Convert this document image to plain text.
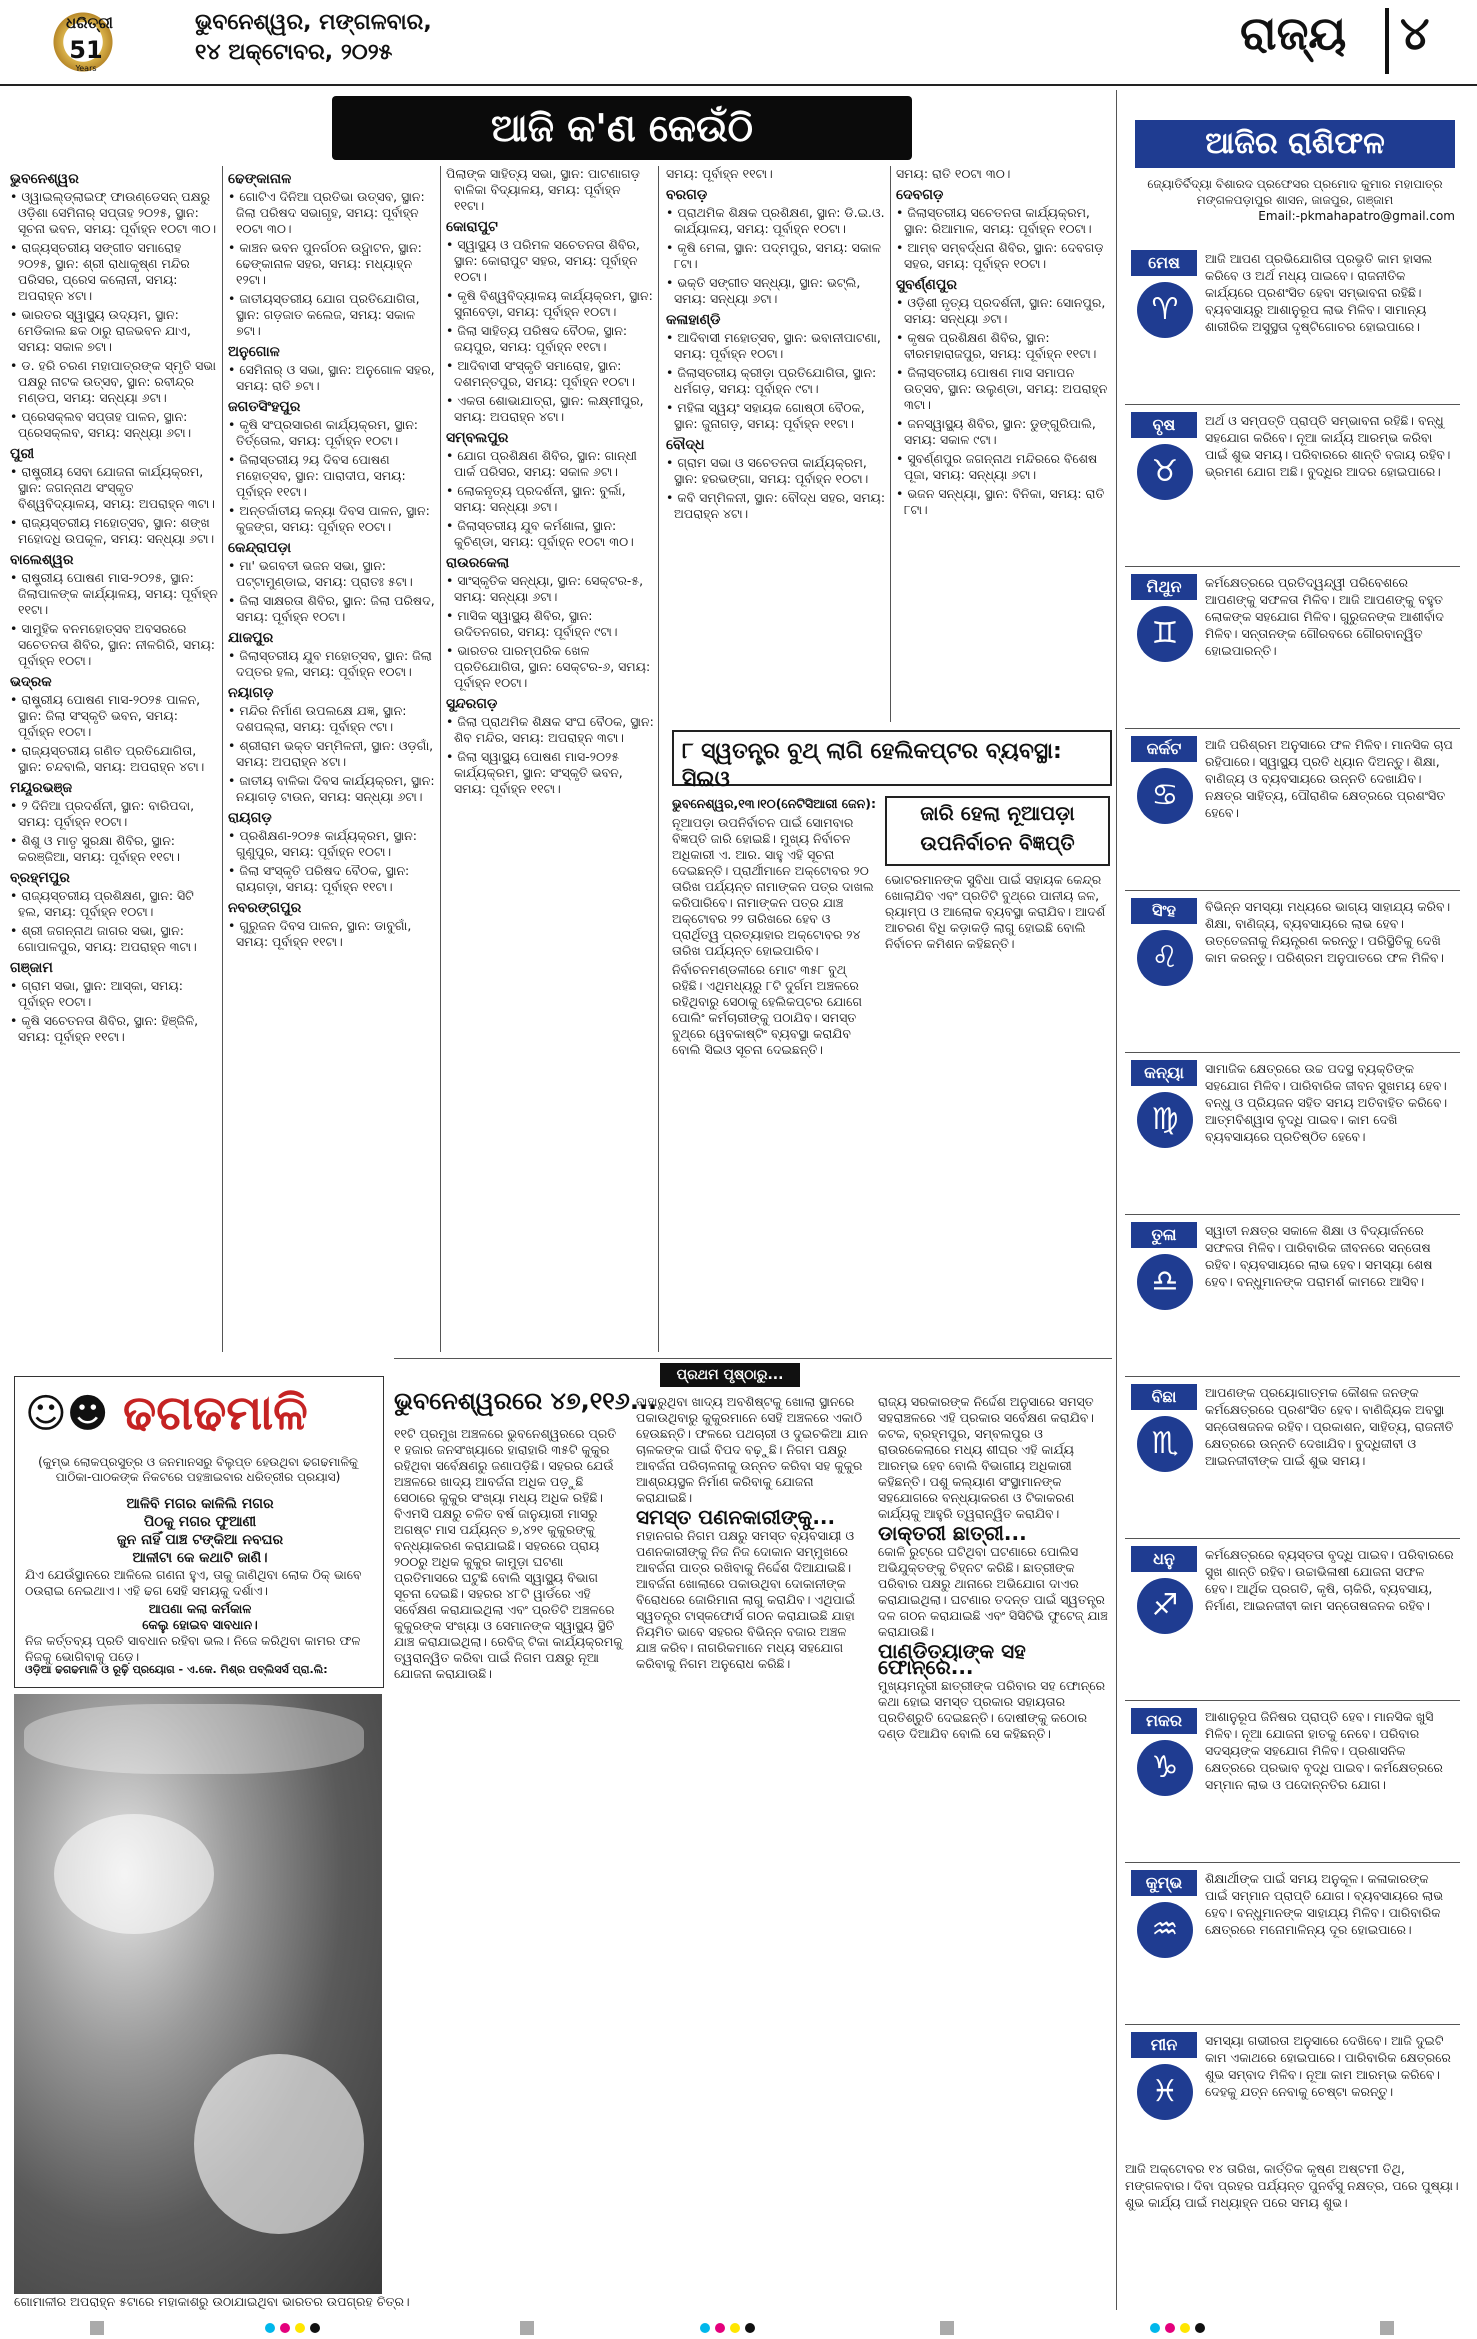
ଧରିତ୍ରୀ
51
Years
ଭୁବନେଶ୍ୱର, ମଙ୍ଗଳବାର,
୧୪ ଅକ୍ଟୋବର, ୨୦୨୫	ରାଜ୍ୟ ୪
ଆଜି କ'ଣ କେଉଁଠି

ଭୁବନେଶ୍ୱର

• ଓ୍ୱାଇଲ୍ଡ୍‌ଲାଇଫ୍ ଫାଉଣ୍ଡେସନ୍ ପକ୍ଷରୁ ଓଡ଼ିଶା ସେମିନାର୍ ସପ୍ତାହ ୨୦୨୫, ସ୍ଥାନ: ସୂଚନା ଭବନ, ସମୟ: ପୂର୍ବାହ୍ନ ୧୦ଟା ୩୦।

• ରାଜ୍ୟସ୍ତରୀୟ ସଙ୍ଗୀତ ସମାରୋହ ୨୦୨୫, ସ୍ଥାନ: ଶ୍ରୀ ରାଧାକୃଷ୍ଣ ମନ୍ଦିର ପରିସର, ପ୍ରେସ କଲୋନୀ, ସମୟ: ଅପରାହ୍ନ ୪ଟା।

• ଭାରତର ସ୍ୱାସ୍ଥ୍ୟ ଉଦ୍ୟମ, ସ୍ଥାନ: ମେଡିକାଲ ଛକ ଠାରୁ ରାଜଭବନ ଯାଏ, ସମୟ: ସକାଳ ୭ଟା।

• ଡ. ହରି ଚରଣ ମହାପାତ୍ରଙ୍କ ସ୍ମୃତି ସଭା ପକ୍ଷରୁ ନାଟକ ଉତ୍ସବ, ସ୍ଥାନ: ରବୀନ୍ଦ୍ର ମଣ୍ଡପ, ସମୟ: ସନ୍ଧ୍ୟା ୬ଟା।

• ପ୍ରେସକ୍ଲବ ସପ୍ତାହ ପାଳନ, ସ୍ଥାନ: ପ୍ରେସକ୍ଲବ, ସମୟ: ସନ୍ଧ୍ୟା ୬ଟା।

ପୁରୀ

• ରାଷ୍ଟ୍ରୀୟ ସେବା ଯୋଜନା କାର୍ଯ୍ୟକ୍ରମ, ସ୍ଥାନ: ଜଗନ୍ନାଥ ସଂସ୍କୃତ ବିଶ୍ୱବିଦ୍ୟାଳୟ, ସମୟ: ଅପରାହ୍ନ ୩ଟା।

• ରାଜ୍ୟସ୍ତରୀୟ ମହୋତ୍ସବ, ସ୍ଥାନ: ଶଙ୍ଖ ମହୋଦଧି ଉପକୂଳ, ସମୟ: ସନ୍ଧ୍ୟା ୬ଟା।

ବାଲେଶ୍ୱର

• ରାଷ୍ଟ୍ରୀୟ ପୋଷଣ ମାସ-୨୦୨୫, ସ୍ଥାନ: ଜିଲାପାଳଙ୍କ କାର୍ଯ୍ୟାଳୟ, ସମୟ: ପୂର୍ବାହ୍ନ ୧୧ଟା।

• ସାମୁହିକ ବନମହୋତ୍ସବ ଅବସରରେ ସଚେତନତା ଶିବିର, ସ୍ଥାନ: ନୀଳଗିରି, ସମୟ: ପୂର୍ବାହ୍ନ ୧୦ଟା।

ଭଦ୍ରକ

• ରାଷ୍ଟ୍ରୀୟ ପୋଷଣ ମାସ-୨୦୨୫ ପାଳନ, ସ୍ଥାନ: ଜିଲା ସଂସ୍କୃତି ଭବନ, ସମୟ: ପୂର୍ବାହ୍ନ ୧୦ଟା।

• ରାଜ୍ୟସ୍ତରୀୟ ଗଣିତ ପ୍ରତିଯୋଗିତା, ସ୍ଥାନ: ଚନ୍ଦବାଲି, ସମୟ: ଅପରାହ୍ନ ୪ଟା।

ମୟୂରଭଞ୍ଜ

• ୨ ଦିନିଆ ପ୍ରଦର୍ଶନୀ, ସ୍ଥାନ: ବାରିପଦା, ସମୟ: ପୂର୍ବାହ୍ନ ୧୦ଟା।

• ଶିଶୁ ଓ ମାତୃ ସୁରକ୍ଷା ଶିବିର, ସ୍ଥାନ: କରଞ୍ଜିଆ, ସମୟ: ପୂର୍ବାହ୍ନ ୧୧ଟା।

ବ୍ରହ୍ମପୁର

• ରାଜ୍ୟସ୍ତରୀୟ ପ୍ରଶିକ୍ଷଣ, ସ୍ଥାନ: ସିଟି ହଲ, ସମୟ: ପୂର୍ବାହ୍ନ ୧୦ଟା।

• ଶ୍ରୀ ଜଗନ୍ନାଥ ଜାଗର ସଭା, ସ୍ଥାନ: ଗୋପାଳପୁର, ସମୟ: ଅପରାହ୍ନ ୩ଟା।

ଗଞ୍ଜାମ

• ଗ୍ରାମ ସଭା, ସ୍ଥାନ: ଆସ୍କା, ସମୟ: ପୂର୍ବାହ୍ନ ୧୦ଟା।

• କୃଷି ସଚେତନତା ଶିବିର, ସ୍ଥାନ: ହିଞ୍ଜିଳି, ସମୟ: ପୂର୍ବାହ୍ନ ୧୧ଟା।

ଢେଙ୍କାନାଳ

• ଗୋଟିଏ ଦିନିଆ ପ୍ରତିଭା ଉତ୍ସବ, ସ୍ଥାନ: ଜିଲା ପରିଷଦ ସଭାଗୃହ, ସମୟ: ପୂର୍ବାହ୍ନ ୧୦ଟା ୩୦।

• କାଞ୍ଚନ ଭବନ ପୁନର୍ଗଠନ ଉଦ୍ଘାଟନ, ସ୍ଥାନ: ଢେଙ୍କାନାଳ ସହର, ସମୟ: ମଧ୍ୟାହ୍ନ ୧୨ଟା।

• ଜାତୀୟସ୍ତରୀୟ ଯୋଗ ପ୍ରତିଯୋଗିତା, ସ୍ଥାନ: ଗଡ଼ଜାତ କଲେଜ, ସମୟ: ସକାଳ ୭ଟା।

ଅନୁଗୋଳ

• ସେମିନାର୍ ଓ ସଭା, ସ୍ଥାନ: ଅନୁଗୋଳ ସହର, ସମୟ: ରାତି ୭ଟା।

ଜଗତସିଂହପୁର

• କୃଷି ସଂପ୍ରସାରଣ କାର୍ଯ୍ୟକ୍ରମ, ସ୍ଥାନ: ତିର୍ତ୍ତୋଲ, ସମୟ: ପୂର୍ବାହ୍ନ ୧୦ଟା।

• ଜିଲାସ୍ତରୀୟ ୨ୟ ଦିବସ ପୋଷଣ ମହୋତ୍ସବ, ସ୍ଥାନ: ପାରାଦୀପ, ସମୟ: ପୂର୍ବାହ୍ନ ୧୧ଟା।

• ଅନ୍ତର୍ଜାତୀୟ କନ୍ୟା ଦିବସ ପାଳନ, ସ୍ଥାନ: କୁଜଙ୍ଗ, ସମୟ: ପୂର୍ବାହ୍ନ ୧୦ଟା।

କେନ୍ଦ୍ରାପଡ଼ା

• ମା' ଭଗବତୀ ଭଜନ ସଭା, ସ୍ଥାନ: ପଟ୍ଟାମୁଣ୍ଡାଇ, ସମୟ: ପ୍ରାତଃ ୫ଟା।

• ଜିଲା ସାକ୍ଷରତା ଶିବିର, ସ୍ଥାନ: ଜିଲା ପରିଷଦ, ସମୟ: ପୂର୍ବାହ୍ନ ୧୦ଟା।

ଯାଜପୁର

• ଜିଲାସ୍ତରୀୟ ଯୁବ ମହୋତ୍ସବ, ସ୍ଥାନ: ଜିଲା ଦପ୍ତର ହଲ, ସମୟ: ପୂର୍ବାହ୍ନ ୧୦ଟା।

ନୟାଗଡ଼

• ମନ୍ଦିର ନିର୍ମାଣ ଉପଲକ୍ଷେ ଯଜ୍ଞ, ସ୍ଥାନ: ଦଶପଲ୍ଲା, ସମୟ: ପୂର୍ବାହ୍ନ ୯ଟା।

• ଶ୍ରୀରାମ ଭକ୍ତ ସମ୍ମିଳନୀ, ସ୍ଥାନ: ଓଡ଼ଗାଁ, ସମୟ: ଅପରାହ୍ନ ୪ଟା।

• ଜାତୀୟ ବାଳିକା ଦିବସ କାର୍ଯ୍ୟକ୍ରମ, ସ୍ଥାନ: ନୟାଗଡ଼ ଟାଉନ, ସମୟ: ସନ୍ଧ୍ୟା ୬ଟା।

ରାୟଗଡ଼

• ପ୍ରଶିକ୍ଷଣ-୨୦୨୫ କାର୍ଯ୍ୟକ୍ରମ, ସ୍ଥାନ: ଗୁଣୁପୁର, ସମୟ: ପୂର୍ବାହ୍ନ ୧୦ଟା।

• ଜିଲା ସଂସ୍କୃତି ପରିଷଦ ବୈଠକ, ସ୍ଥାନ: ରାୟଗଡ଼ା, ସମୟ: ପୂର୍ବାହ୍ନ ୧୧ଟା।

ନବରଙ୍ଗପୁର

• ଗୁରୁଜନ ଦିବସ ପାଳନ, ସ୍ଥାନ: ଡାବୁଗାଁ, ସମୟ: ପୂର୍ବାହ୍ନ ୧୧ଟା।

ପିଲାଙ୍କ ସାହିତ୍ୟ ସଭା, ସ୍ଥାନ: ପାଟଣାଗଡ଼ ବାଳିକା ବିଦ୍ୟାଳୟ, ସମୟ: ପୂର୍ବାହ୍ନ ୧୧ଟା।

କୋରାପୁଟ

• ସ୍ୱାସ୍ଥ୍ୟ ଓ ପରିମଳ ସଚେତନତା ଶିବିର, ସ୍ଥାନ: କୋରାପୁଟ ସହର, ସମୟ: ପୂର୍ବାହ୍ନ ୧୦ଟା।

• କୃଷି ବିଶ୍ୱବିଦ୍ୟାଳୟ କାର୍ଯ୍ୟକ୍ରମ, ସ୍ଥାନ: ସୁନାବେଡ଼ା, ସମୟ: ପୂର୍ବାହ୍ନ ୧୦ଟା।

• ଜିଲା ସାହିତ୍ୟ ପରିଷଦ ବୈଠକ, ସ୍ଥାନ: ଜୟପୁର, ସମୟ: ପୂର୍ବାହ୍ନ ୧୧ଟା।

• ଆଦିବାସୀ ସଂସ୍କୃତି ସମାରୋହ, ସ୍ଥାନ: ଦଶମନ୍ତପୁର, ସମୟ: ପୂର୍ବାହ୍ନ ୧୦ଟା।

• ଏକତା ଶୋଭାଯାତ୍ରା, ସ୍ଥାନ: ଲକ୍ଷ୍ମୀପୁର, ସମୟ: ଅପରାହ୍ନ ୪ଟା।

ସମ୍ବଲପୁର

• ଯୋଗ ପ୍ରଶିକ୍ଷଣ ଶିବିର, ସ୍ଥାନ: ଗାନ୍ଧୀ ପାର୍କ ପରିସର, ସମୟ: ସକାଳ ୬ଟା।

• ଲୋକନୃତ୍ୟ ପ୍ରଦର୍ଶନୀ, ସ୍ଥାନ: ବୁର୍ଲା, ସମୟ: ସନ୍ଧ୍ୟା ୬ଟା।

• ଜିଲାସ୍ତରୀୟ ଯୁବ କର୍ମଶାଳା, ସ୍ଥାନ: କୁଚିଣ୍ଡା, ସମୟ: ପୂର୍ବାହ୍ନ ୧୦ଟା ୩୦।

ରାଉରକେଲା

• ସାଂସ୍କୃତିକ ସନ୍ଧ୍ୟା, ସ୍ଥାନ: ସେକ୍ଟର-୫, ସମୟ: ସନ୍ଧ୍ୟା ୬ଟା।

• ମାସିକ ସ୍ୱାସ୍ଥ୍ୟ ଶିବିର, ସ୍ଥାନ: ଉଦିତନଗର, ସମୟ: ପୂର୍ବାହ୍ନ ୯ଟା।

• ଭାରତର ପାରମ୍ପରିକ ଖେଳ ପ୍ରତିଯୋଗିତା, ସ୍ଥାନ: ସେକ୍ଟର-୬, ସମୟ: ପୂର୍ବାହ୍ନ ୧୦ଟା।

ସୁନ୍ଦରଗଡ଼

• ଜିଲା ପ୍ରାଥମିକ ଶିକ୍ଷକ ସଂଘ ବୈଠକ, ସ୍ଥାନ: ଶିବ ମନ୍ଦିର, ସମୟ: ଅପରାହ୍ନ ୩ଟା।

• ଜିଲା ସ୍ୱାସ୍ଥ୍ୟ ପୋଷଣ ମାସ-୨୦୨୫ କାର୍ଯ୍ୟକ୍ରମ, ସ୍ଥାନ: ସଂସ୍କୃତି ଭବନ, ସମୟ: ପୂର୍ବାହ୍ନ ୧୧ଟା।

ସମୟ: ପୂର୍ବାହ୍ନ ୧୧ଟା।

ବରଗଡ଼

• ପ୍ରାଥମିକ ଶିକ୍ଷକ ପ୍ରଶିକ୍ଷଣ, ସ୍ଥାନ: ଡି.ଇ.ଓ. କାର୍ଯ୍ୟାଳୟ, ସମୟ: ପୂର୍ବାହ୍ନ ୧୦ଟା।

• କୃଷି ମେଳା, ସ୍ଥାନ: ପଦ୍ମପୁର, ସମୟ: ସକାଳ ୮ଟା।

• ଭକ୍ତି ସଙ୍ଗୀତ ସନ୍ଧ୍ୟା, ସ୍ଥାନ: ଭଟ୍ଲି, ସମୟ: ସନ୍ଧ୍ୟା ୬ଟା।

କଳାହାଣ୍ଡି

• ଆଦିବାସୀ ମହୋତ୍ସବ, ସ୍ଥାନ: ଭବାନୀପାଟଣା, ସମୟ: ପୂର୍ବାହ୍ନ ୧୦ଟା।

• ଜିଲାସ୍ତରୀୟ କ୍ରୀଡ଼ା ପ୍ରତିଯୋଗିତା, ସ୍ଥାନ: ଧର୍ମଗଡ଼, ସମୟ: ପୂର୍ବାହ୍ନ ୯ଟା।

• ମହିଳା ସ୍ୱୟଂ ସହାୟକ ଗୋଷ୍ଠୀ ବୈଠକ, ସ୍ଥାନ: ଜୁନାଗଡ଼, ସମୟ: ପୂର୍ବାହ୍ନ ୧୧ଟା।

ବୌଦ୍ଧ

• ଗ୍ରାମ ସଭା ଓ ସଚେତନତା କାର୍ଯ୍ୟକ୍ରମ, ସ୍ଥାନ: ହରଭଙ୍ଗା, ସମୟ: ପୂର୍ବାହ୍ନ ୧୦ଟା।

• କବି ସମ୍ମିଳନୀ, ସ୍ଥାନ: ବୌଦ୍ଧ ସହର, ସମୟ: ଅପରାହ୍ନ ୪ଟା।

ସମୟ: ରାତି ୧୦ଟା ୩୦।

ଦେବଗଡ଼

• ଜିଲାସ୍ତରୀୟ ସଚେତନତା କାର୍ଯ୍ୟକ୍ରମ, ସ୍ଥାନ: ରିଆମାଳ, ସମୟ: ପୂର୍ବାହ୍ନ ୧୦ଟା।

• ଆମ୍ବ ସମ୍ବର୍ଦ୍ଧନା ଶିବିର, ସ୍ଥାନ: ଦେବଗଡ଼ ସହର, ସମୟ: ପୂର୍ବାହ୍ନ ୧୦ଟା।

ସୁବର୍ଣ୍ଣପୁର

• ଓଡ଼ିଶୀ ନୃତ୍ୟ ପ୍ରଦର୍ଶନୀ, ସ୍ଥାନ: ସୋନପୁର, ସମୟ: ସନ୍ଧ୍ୟା ୬ଟା।

• କୃଷକ ପ୍ରଶିକ୍ଷଣ ଶିବିର, ସ୍ଥାନ: ବୀରମହାରାଜପୁର, ସମୟ: ପୂର୍ବାହ୍ନ ୧୧ଟା।

• ଜିଲାସ୍ତରୀୟ ପୋଷଣ ମାସ ସମାପନ ଉତ୍ସବ, ସ୍ଥାନ: ଉଲୁଣ୍ଡା, ସମୟ: ଅପରାହ୍ନ ୩ଟା।

• ଜନସ୍ୱାସ୍ଥ୍ୟ ଶିବିର, ସ୍ଥାନ: ଡୁଙ୍ଗୁରିପାଲି, ସମୟ: ସକାଳ ୯ଟା।

• ସୁବର୍ଣ୍ଣପୁର ଜଗନ୍ନାଥ ମନ୍ଦିରରେ ବିଶେଷ ପୂଜା, ସମୟ: ସନ୍ଧ୍ୟା ୬ଟା।

• ଭଜନ ସନ୍ଧ୍ୟା, ସ୍ଥାନ: ବିନିକା, ସମୟ: ରାତି ୮ଟା।

୮ ସ୍ୱତନ୍ତ୍ର ବୁଥ୍ ଲାଗି ହେଲିକପ୍ଟର ବ୍ୟବସ୍ଥା: ସିଇଓ

ଭୁବନେଶ୍ୱର,୧୩।୧୦(ନେଟିସିଆରୀ ଜେନ):

ନୂଆପଡ଼ା ଉପନିର୍ବାଚନ ପାଇଁ ସୋମବାର ବିଜ୍ଞପ୍ତି ଜାରି ହୋଇଛି। ମୁଖ୍ୟ ନିର୍ବାଚନ ଅଧିକାରୀ ଏ. ଆର. ସାହୁ ଏହି ସୂଚନା ଦେଇଛନ୍ତି। ପ୍ରାର୍ଥୀମାନେ ଅକ୍ଟୋବର ୨୦ ତାରିଖ ପର୍ଯ୍ୟନ୍ତ ନାମାଙ୍କନ ପତ୍ର ଦାଖଲ କରିପାରିବେ। ନାମାଙ୍କନ ପତ୍ର ଯାଞ୍ଚ ଅକ୍ଟୋବର ୨୨ ତାରିଖରେ ହେବ ଓ ପ୍ରାର୍ଥିତ୍ୱ ପ୍ରତ୍ୟାହାର ଅକ୍ଟୋବର ୨୪ ତାରିଖ ପର୍ଯ୍ୟନ୍ତ ହୋଇପାରିବ।

ନିର୍ବାଚନମଣ୍ଡଳୀରେ ମୋଟ ୩୫୮ ବୁଥ୍ ରହିଛି। ଏଥିମଧ୍ୟରୁ ୮ଟି ଦୁର୍ଗମ ଅଞ୍ଚଳରେ ରହିଥିବାରୁ ସେଠାକୁ ହେଲିକପ୍ଟର ଯୋଗେ ପୋଲିଂ କର୍ମଚାରୀଙ୍କୁ ପଠାଯିବ। ସମସ୍ତ ବୁଥ୍‌ରେ ୱେବକାଷ୍ଟିଂ ବ୍ୟବସ୍ଥା କରାଯିବ ବୋଲି ସିଇଓ ସୂଚନା ଦେଇଛନ୍ତି।

ଜାରି ହେଲା ନୂଆପଡ଼ା ଉପନିର୍ବାଚନ ବିଜ୍ଞପ୍ତି

ଭୋଟରମାନଙ୍କ ସୁବିଧା ପାଇଁ ସହାୟକ କେନ୍ଦ୍ର ଖୋଲାଯିବ ଏବଂ ପ୍ରତିଟି ବୁଥ୍‌ରେ ପାନୀୟ ଜଳ, ର‌୍ୟାମ୍ପ ଓ ଆଲୋକ ବ୍ୟବସ୍ଥା କରାଯିବ। ଆଦର୍ଶ ଆଚରଣ ବିଧି କଡ଼ାକଡ଼ି ଲାଗୁ ହୋଇଛି ବୋଲି ନିର୍ବାଚନ କମିଶନ କହିଛନ୍ତି।

ଆଜିର ରାଶିଫଳ
ଜ୍ୟୋତିର୍ବିଦ୍ୟା ବିଶାରଦ ପ୍ରଫେସର ପ୍ରମୋଦ କୁମାର ମହାପାତ୍ର
ମଙ୍ଗଳପଡ଼ାପୁର ଶାସନ, ଜାଜପୁର, ଗଞ୍ଜାମ
Email:-pkmahapatro@gmail.com
ମେଷ
♈
ଆଜି ଆପଣ ପ୍ରଭିଯୋଗିତା ପ୍ରଭୃତି କାମ ହାସଲ କରିବେ ଓ ଅର୍ଥ ମଧ୍ୟ ପାଇବେ। ରାଜନୀତିକ କାର୍ଯ୍ୟରେ ପ୍ରଶଂସିତ ହେବା ସମ୍ଭାବନା ରହିଛି। ବ୍ୟବସାୟରୁ ଆଶାନୁରୂପ ଲାଭ ମିଳିବ। ସାମାନ୍ୟ ଶାରୀରିକ ଅସୁସ୍ଥତା ଦୃଷ୍ଟିଗୋଚର ହୋଇପାରେ।
ବୃଷ
♉
ଅର୍ଥ ଓ ସମ୍ପତ୍ତି ପ୍ରାପ୍ତି ସମ୍ଭାବନା ରହିଛି। ବନ୍ଧୁ ସହଯୋଗ କରିବେ। ନୂଆ କାର୍ଯ୍ୟ ଆରମ୍ଭ କରିବା ପାଇଁ ଶୁଭ ସମୟ। ପରିବାରରେ ଶାନ୍ତି ବଜାୟ ରହିବ। ଭ୍ରମଣ ଯୋଗ ଅଛି। ବୁଦ୍ଧିର ଆଦର ହୋଇପାରେ।
ମିଥୁନ
♊
କର୍ମକ୍ଷେତ୍ରରେ ପ୍ରତିଦ୍ୱନ୍ଦ୍ୱୀ ପରିବେଶରେ ଆପଣଙ୍କୁ ସଫଳତା ମିଳିବ। ଆଜି ଆପଣଙ୍କୁ ବହୁତ ଲୋକଙ୍କ ସହଯୋଗ ମିଳିବ। ଗୁରୁଜନଙ୍କ ଆଶୀର୍ବାଦ ମିଳିବ। ସନ୍ତାନଙ୍କ ଗୌରବରେ ଗୌରବାନ୍ୱିତ ହୋଇପାରନ୍ତି।
କର୍କଟ
♋
ଆଜି ପରିଶ୍ରମ ଅନୁସାରେ ଫଳ ମିଳିବ। ମାନସିକ ଚାପ ରହିପାରେ। ସ୍ୱାସ୍ଥ୍ୟ ପ୍ରତି ଧ୍ୟାନ ଦିଅନ୍ତୁ। ଶିକ୍ଷା, ବାଣିଜ୍ୟ ଓ ବ୍ୟବସାୟରେ ଉନ୍ନତି ଦେଖାଯିବ। ନକ୍ଷତ୍ର ସାହିତ୍ୟ, ପୌରାଣିକ କ୍ଷେତ୍ରରେ ପ୍ରଶଂସିତ ହେବେ।
ସିଂହ
♌
ବିଭିନ୍ନ ସମସ୍ୟା ମଧ୍ୟରେ ଭାଗ୍ୟ ସାହାଯ୍ୟ କରିବ। ଶିକ୍ଷା, ବାଣିଜ୍ୟ, ବ୍ୟବସାୟରେ ଲାଭ ହେବ। ଉତ୍ତେଜନାକୁ ନିୟନ୍ତ୍ରଣ କରନ୍ତୁ। ପରିସ୍ଥିତିକୁ ଦେଖି କାମ କରନ୍ତୁ। ପରିଶ୍ରମ ଅନୁପାତରେ ଫଳ ମିଳିବ।
କନ୍ୟା
♍
ସାମାଜିକ କ୍ଷେତ୍ରରେ ଉଚ୍ଚ ପଦସ୍ଥ ବ୍ୟକ୍ତିଙ୍କ ସହଯୋଗ ମିଳିବ। ପାରିବାରିକ ଜୀବନ ସୁଖମୟ ହେବ। ବନ୍ଧୁ ଓ ପ୍ରିୟଜନ ସହିତ ସମୟ ଅତିବାହିତ କରିବେ। ଆତ୍ମବିଶ୍ୱାସ ବୃଦ୍ଧି ପାଇବ। କାମ ଦେଖି ବ୍ୟବସାୟରେ ପ୍ରତିଷ୍ଠିତ ହେବେ।
ତୁଳା
♎
ସ୍ୱାତୀ ନକ୍ଷତ୍ର ସକାଳେ ଶିକ୍ଷା ଓ ବିଦ୍ୟାର୍ଜନରେ ସଫଳତା ମିଳିବ। ପାରିବାରିକ ଜୀବନରେ ସନ୍ତୋଷ ରହିବ। ବ୍ୟବସାୟରେ ଲାଭ ହେବ। ସମସ୍ୟା ଶେଷ ହେବ। ବନ୍ଧୁମାନଙ୍କ ପରାମର୍ଶ କାମରେ ଆସିବ।
ବିଛା
♏
ଆପଣଙ୍କ ପ୍ରୟୋଗାତ୍ମକ କୌଶଳ ଜନଙ୍କ କର୍ମକ୍ଷେତ୍ରରେ ପ୍ରଶଂସିତ ହେବ। ବାଣିଜ୍ୟିକ ଅବସ୍ଥା ସନ୍ତୋଷଜନକ ରହିବ। ପ୍ରକାଶନ, ସାହିତ୍ୟ, ରାଜନୀତି କ୍ଷେତ୍ରରେ ଉନ୍ନତି ଦେଖାଯିବ। ବୁଦ୍ଧିଜୀବୀ ଓ ଆଇନଜୀବୀଙ୍କ ପାଇଁ ଶୁଭ ସମୟ।
ଧନୁ
♐
କର୍ମକ୍ଷେତ୍ରରେ ବ୍ୟସ୍ତତା ବୃଦ୍ଧି ପାଇବ। ପରିବାରରେ ସୁଖ ଶାନ୍ତି ରହିବ। ଉଚ୍ଚାଭିଳାଷୀ ଯୋଜନା ସଫଳ ହେବ। ଆର୍ଥିକ ପ୍ରଗତି, କୃଷି, ଚାକିରି, ବ୍ୟବସାୟ, ନିର୍ମାଣ, ଆଇନଜୀବୀ କାମ ସନ୍ତୋଷଜନକ ରହିବ।
ମକର
♑
ଆଶାନୁରୂପ ଜିନିଷର ପ୍ରାପ୍ତି ହେବ। ମାନସିକ ଖୁସି ମିଳିବ। ନୂଆ ଯୋଜନା ହାତକୁ ନେବେ। ପରିବାର ସଦସ୍ୟଙ୍କ ସହଯୋଗ ମିଳିବ। ପ୍ରଶାସନିକ କ୍ଷେତ୍ରରେ ପ୍ରଭାବ ବୃଦ୍ଧି ପାଇବ। କର୍ମକ୍ଷେତ୍ରରେ ସମ୍ମାନ ଲାଭ ଓ ପଦୋନ୍ନତିର ଯୋଗ।
କୁମ୍ଭ
♒
ଶିକ୍ଷାର୍ଥୀଙ୍କ ପାଇଁ ସମୟ ଅନୁକୂଳ। କଳାକାରଙ୍କ ପାଇଁ ସମ୍ମାନ ପ୍ରାପ୍ତି ଯୋଗ। ବ୍ୟବସାୟରେ ଲାଭ ହେବ। ବନ୍ଧୁମାନଙ୍କ ସାହାଯ୍ୟ ମିଳିବ। ପାରିବାରିକ କ୍ଷେତ୍ରରେ ମନୋମାଳିନ୍ୟ ଦୂର ହୋଇପାରେ।
ମୀନ
♓
ସମସ୍ୟା ଗଭୀରତା ଅନୁସାରେ ଦେଖିବେ। ଆଜି ଦୁଇଟି କାମ ଏକାଥରେ ହୋଇପାରେ। ପାରିବାରିକ କ୍ଷେତ୍ରରେ ଶୁଭ ସମ୍ବାଦ ମିଳିବ। ନୂଆ କାମ ଆରମ୍ଭ କରିବେ। ଦେହକୁ ଯତ୍ନ ନେବାକୁ ଚେଷ୍ଟା କରନ୍ତୁ।
ଆଜି ଅକ୍ଟୋବର ୧୪ ତାରିଖ, କାର୍ତ୍ତିକ କୃଷ୍ଣ ଅଷ୍ଟମୀ ତିଥି, ମଙ୍ଗଳବାର। ଦିବା ପ୍ରହର ପର୍ଯ୍ୟନ୍ତ ପୁନର୍ବସୁ ନକ୍ଷତ୍ର, ପରେ ପୁଷ୍ୟା। ଶୁଭ କାର୍ଯ୍ୟ ପାଇଁ ମଧ୍ୟାହ୍ନ ପରେ ସମୟ ଶୁଭ।
☺☻ ଢଗଢମାଳି
(କୁମ୍ଭ ଲୋକପ୍ରସୁତ୍ର ଓ ଜନମାନସରୁ ବିଲୁପ୍ତ ହେଉଥିବା ଢଗଢମାଳିକୁ ପାଠିକା-ପାଠକଙ୍କ ନିକଟରେ ପହଞ୍ଚାଇବାର ଧରିତ୍ରୀର ପ୍ରୟାସ)
ଆଳିବି ମଗର କାଳିଲି ମଗର
ପିଠକୁ ମଗର ଫୁଆଣୀ
ଜୁନ ନାହିଁ ପାଞ୍ଚ ଟଙ୍କିଆ ନବଘର
ଆଳୀଟା କେ କଥାଟି ଜାଣି।
ଯିଏ ଯେଉଁସ୍ଥାନରେ ଆଳିଲେ ଗଣନା ହୁଏ, ତାକୁ ଜାଣିଥିବା ଲୋକ ଠିକ୍ ଭାବେ ଠଉରାଇ ନେଇଥାଏ। ଏହି ଢଗ ସେହି ସମୟକୁ ଦର୍ଶାଏ।
ଆପଣା କଲା କର୍ମକାଳ
କେଲୁ ହୋଇବ ସାବଧାନ।
ନିଜ କର୍ତ୍ତବ୍ୟ ପ୍ରତି ସାବଧାନ ରହିବା ଭଲ। ନିଜେ କରିଥିବା କାମର ଫଳ ନିଜକୁ ଭୋଗିବାକୁ ପଡ଼େ।
ଓଡ଼ିଆ ଢଗଢମାଳି ଓ ରୂଢ଼ି ପ୍ରୟୋଗ - ଏ.କେ. ମିଶ୍ର ପବ୍ଲିସର୍ସ ପ୍ରା.ଲି:
ପ୍ରଥମ ପୃଷ୍ଠାରୁ...
ଭୁବନେଶ୍ୱରରେ ୪୭,୧୧୬...

୧୧ଟି ପ୍ରମୁଖ ଅଞ୍ଚଳରେ ଭୁବନେଶ୍ୱରରେ ପ୍ରତି ୧ ହଜାର ଜନସଂଖ୍ୟାରେ ହାରାହାରି ୩୫ଟି କୁକୁର ରହିଥିବା ସର୍ବେକ୍ଷଣରୁ ଜଣାପଡ଼ିଛି। ସହରର ଯେଉଁ ଅଞ୍ଚଳରେ ଖାଦ୍ୟ ଆବର୍ଜନା ଅଧିକ ପଡ଼ୁଛି ସେଠାରେ କୁକୁର ସଂଖ୍ୟା ମଧ୍ୟ ଅଧିକ ରହିଛି। ବିଏମସି ପକ୍ଷରୁ ଚଳିତ ବର୍ଷ ଜାନୁୟାରୀ ମାସରୁ ଅଗଷ୍ଟ ମାସ ପର୍ଯ୍ୟନ୍ତ ୭,୪୨୧ କୁକୁରଙ୍କୁ ବନ୍ଧ୍ୟାକରଣ କରାଯାଇଛି। ସହରରେ ପ୍ରାୟ ୨୦୦ରୁ ଅଧିକ କୁକୁର କାମୁଡ଼ା ଘଟଣା ପ୍ରତିମାସରେ ଘଟୁଛି ବୋଲି ସ୍ୱାସ୍ଥ୍ୟ ବିଭାଗ ସୂଚନା ଦେଇଛି। ସହରର ୪୮ଟି ୱାର୍ଡରେ ଏହି ସର୍ବେକ୍ଷଣ କରାଯାଇଥିଲା ଏବଂ ପ୍ରତିଟି ଅଞ୍ଚଳରେ କୁକୁରଙ୍କ ସଂଖ୍ୟା ଓ ସେମାନଙ୍କ ସ୍ୱାସ୍ଥ୍ୟ ସ୍ଥିତି ଯାଞ୍ଚ କରାଯାଇଥିଲା। ରେବିଜ୍ ଟିକା କାର୍ଯ୍ୟକ୍ରମକୁ ତ୍ୱରାନ୍ୱିତ କରିବା ପାଇଁ ନିଗମ ପକ୍ଷରୁ ନୂଆ ଯୋଜନା କରାଯାଉଛି।

ବାହାରୁଥିବା ଖାଦ୍ୟ ଅବଶିଷ୍ଟକୁ ଖୋଲା ସ୍ଥାନରେ ପକାଉଥିବାରୁ କୁକୁରମାନେ ସେହି ଅଞ୍ଚଳରେ ଏକାଠି ହେଉଛନ୍ତି। ଫଳରେ ପଥଚାରୀ ଓ ଦୁଇଚକିଆ ଯାନ ଚାଳକଙ୍କ ପାଇଁ ବିପଦ ବଢ଼ୁଛି। ନିଗମ ପକ୍ଷରୁ ଆବର୍ଜନା ପରିଚାଳନାକୁ ଉନ୍ନତ କରିବା ସହ କୁକୁର ଆଶ୍ରୟସ୍ଥଳ ନିର୍ମାଣ କରିବାକୁ ଯୋଜନା କରାଯାଇଛି।

ସମସ୍ତ ପଣନକାରୀଙ୍କୁ...

ମହାନଗର ନିଗମ ପକ୍ଷରୁ ସମସ୍ତ ବ୍ୟବସାୟୀ ଓ ପଣନକାରୀଙ୍କୁ ନିଜ ନିଜ ଦୋକାନ ସମ୍ମୁଖରେ ଆବର୍ଜନା ପାତ୍ର ରଖିବାକୁ ନିର୍ଦ୍ଦେଶ ଦିଆଯାଇଛି। ଆବର୍ଜନା ଖୋଲାରେ ପକାଉଥିବା ଦୋକାନୀଙ୍କ ବିରୋଧରେ ଜୋରିମାନା ଲାଗୁ କରାଯିବ। ଏଥିପାଇଁ ସ୍ୱତନ୍ତ୍ର ଟାସ୍କଫୋର୍ସ ଗଠନ କରାଯାଇଛି ଯାହା ନିୟମିତ ଭାବେ ସହରର ବିଭିନ୍ନ ବଜାର ଅଞ୍ଚଳ ଯାଞ୍ଚ କରିବ। ନାଗରିକମାନେ ମଧ୍ୟ ସହଯୋଗ କରିବାକୁ ନିଗମ ଅନୁରୋଧ କରିଛି।

ରାଜ୍ୟ ସରକାରଙ୍କ ନିର୍ଦ୍ଦେଶ ଅନୁସାରେ ସମସ୍ତ ସହରାଞ୍ଚଳରେ ଏହି ପ୍ରକାର ସର୍ବେକ୍ଷଣ କରାଯିବ। କଟକ, ବ୍ରହ୍ମପୁର, ସମ୍ବଲପୁର ଓ ରାଉରକେଲାରେ ମଧ୍ୟ ଶୀଘ୍ର ଏହି କାର୍ଯ୍ୟ ଆରମ୍ଭ ହେବ ବୋଲି ବିଭାଗୀୟ ଅଧିକାରୀ କହିଛନ୍ତି। ପଶୁ କଲ୍ୟାଣ ସଂସ୍ଥାମାନଙ୍କ ସହଯୋଗରେ ବନ୍ଧ୍ୟାକରଣ ଓ ଟିକାକରଣ କାର୍ଯ୍ୟକୁ ଆହୁରି ତ୍ୱରାନ୍ୱିତ କରାଯିବ।

ଡାକ୍ତରୀ ଛାତ୍ରୀ...

କୋଳି ରୁଟ୍‌ରେ ଘଟିଥିବା ଘଟଣାରେ ପୋଲିସ ଅଭିଯୁକ୍ତଙ୍କୁ ଚିହ୍ନଟ କରିଛି। ଛାତ୍ରୀଙ୍କ ପରିବାର ପକ୍ଷରୁ ଥାନାରେ ଅଭିଯୋଗ ଦାଏର କରାଯାଇଥିଲା। ଘଟଣାର ତଦନ୍ତ ପାଇଁ ସ୍ୱତନ୍ତ୍ର ଦଳ ଗଠନ କରାଯାଇଛି ଏବଂ ସିସିଟିଭି ଫୁଟେଜ୍ ଯାଞ୍ଚ କରାଯାଉଛି।

ପାଣ୍ଡିତ୍ୟାଙ୍କ ସହ ଫୋନ୍‌ରେ...

ମୁଖ୍ୟମନ୍ତ୍ରୀ ଛାତ୍ରୀଙ୍କ ପରିବାର ସହ ଫୋନ୍‌ରେ କଥା ହୋଇ ସମସ୍ତ ପ୍ରକାର ସହାୟତାର ପ୍ରତିଶ୍ରୁତି ଦେଇଛନ୍ତି। ଦୋଷୀଙ୍କୁ କଠୋର ଦଣ୍ଡ ଦିଆଯିବ ବୋଲି ସେ କହିଛନ୍ତି।

ଗୋମାଳୀର ଅପରାହ୍ନ ୫ଟାରେ ମହାକାଶରୁ ଉଠାଯାଇଥିବା ଭାରତର ଉପଗ୍ରହ ଚିତ୍ର।
